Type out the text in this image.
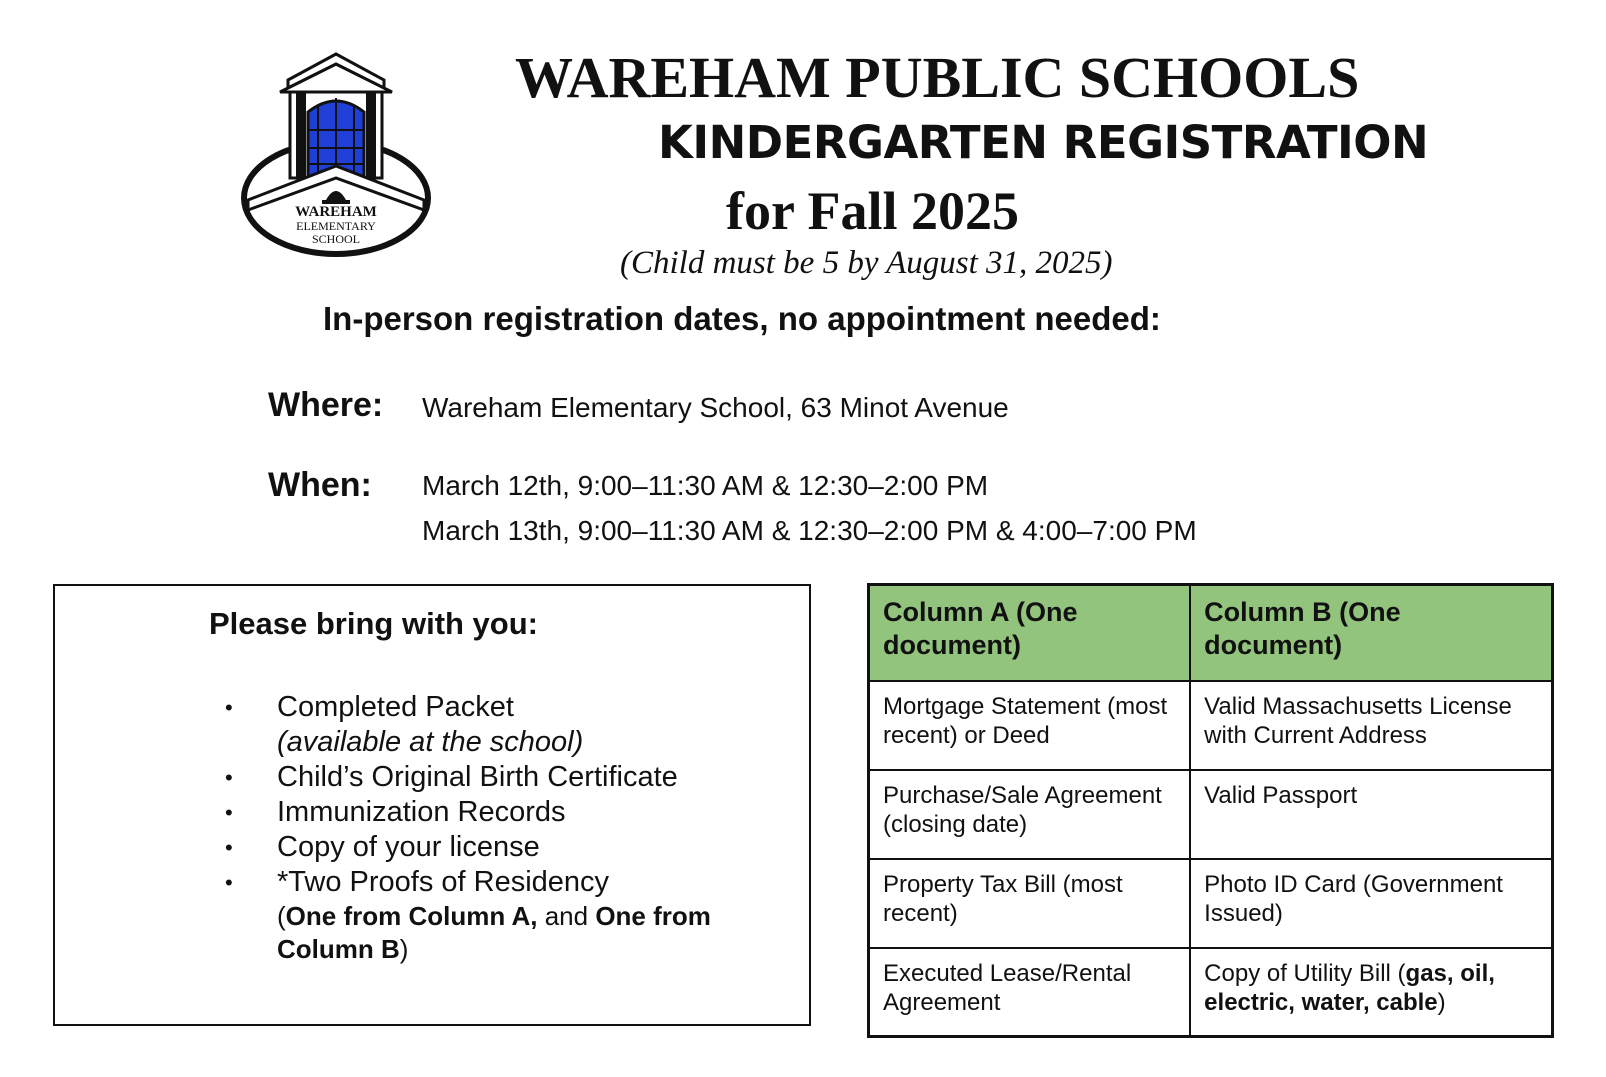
WAREHAM
ELEMENTARY
SCHOOL
WAREHAM PUBLIC SCHOOLS
KINDERGARTEN REGISTRATION
for Fall 2025
(Child must be 5 by August 31, 2025)
In-person registration dates, no appointment needed:
Where: Wareham Elementary School, 63 Minot Avenue
When: March 12th, 9:00–11:30 AM & 12:30–2:00 PM
March 13th, 9:00–11:30 AM & 12:30–2:00 PM & 4:00–7:00 PM
Please bring with you:
• Completed Packet
(available at the school)
• Child’s Original Birth Certificate
• Immunization Records
• Copy of your license
• *Two Proofs of Residency
(One from Column A, and One from Column B)
Column A (One document)	Column B (One document)
Mortgage Statement (most recent) or Deed	Valid Massachusetts License with Current Address
Purchase/Sale Agreement (closing date)	Valid Passport
Property Tax Bill (most recent)	Photo ID Card (Government Issued)
Executed Lease/Rental Agreement	Copy of Utility Bill (gas, oil, electric, water, cable)
